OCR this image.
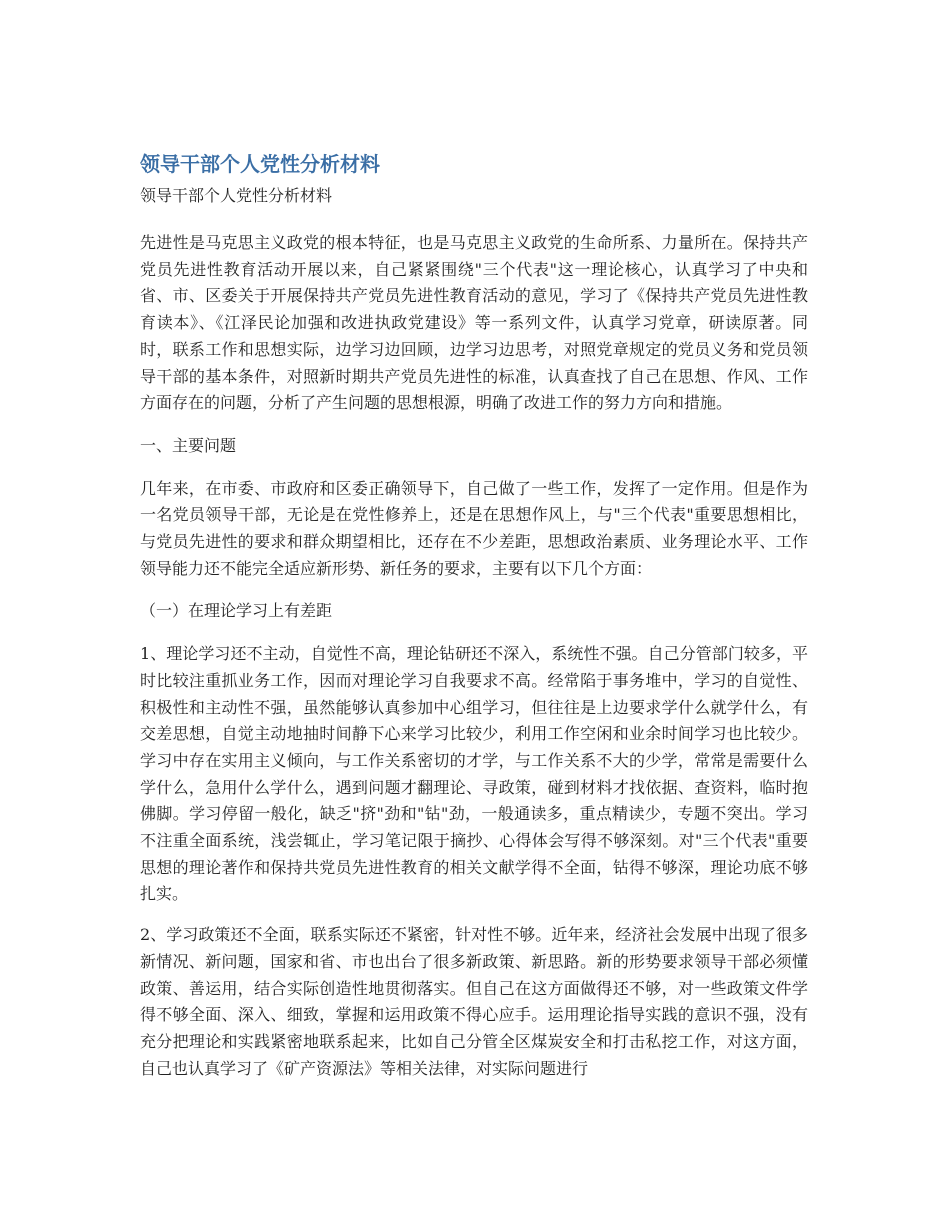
领导干部个人党性分析材料
领导干部个人党性分析材料

先进性是马克思主义政党的根本特征，也是马克思主义政党的生命所系、力量所在。保持共产党员先进性教育活动开展以来，自己紧紧围绕"三个代表"这一理论核心，认真学习了中央和省、市、区委关于开展保持共产党员先进性教育活动的意见，学习了《保持共产党员先进性教育读本》、《江泽民论加强和改进执政党建设》等一系列文件，认真学习党章，研读原著。同时，联系工作和思想实际，边学习边回顾，边学习边思考，对照党章规定的党员义务和党员领导干部的基本条件，对照新时期共产党员先进性的标准，认真查找了自己在思想、作风、工作方面存在的问题，分析了产生问题的思想根源，明确了改进工作的努力方向和措施。

一、主要问题

几年来，在市委、市政府和区委正确领导下，自己做了一些工作，发挥了一定作用。但是作为一名党员领导干部，无论是在党性修养上，还是在思想作风上，与"三个代表"重要思想相比，与党员先进性的要求和群众期望相比，还存在不少差距，思想政治素质、业务理论水平、工作领导能力还不能完全适应新形势、新任务的要求，主要有以下几个方面：

（一）在理论学习上有差距

1、理论学习还不主动，自觉性不高，理论钻研还不深入，系统性不强。自己分管部门较多，平时比较注重抓业务工作，因而对理论学习自我要求不高。经常陷于事务堆中，学习的自觉性、积极性和主动性不强，虽然能够认真参加中心组学习，但往往是上边要求学什么就学什么，有交差思想，自觉主动地抽时间静下心来学习比较少，利用工作空闲和业余时间学习也比较少。学习中存在实用主义倾向，与工作关系密切的才学，与工作关系不大的少学，常常是需要什么学什么，急用什么学什么，遇到问题才翻理论、寻政策，碰到材料才找依据、查资料，临时抱佛脚。学习停留一般化，缺乏"挤"劲和"钻"劲，一般通读多，重点精读少，专题不突出。学习不注重全面系统，浅尝辄止，学习笔记限于摘抄、心得体会写得不够深刻。对"三个代表"重要思想的理论著作和保持共党员先进性教育的相关文献学得不全面，钻得不够深，理论功底不够扎实。

2、学习政策还不全面，联系实际还不紧密，针对性不够。近年来，经济社会发展中出现了很多新情况、新问题，国家和省、市也出台了很多新政策、新思路。新的形势要求领导干部必须懂政策、善运用，结合实际创造性地贯彻落实。但自己在这方面做得还不够，对一些政策文件学得不够全面、深入、细致，掌握和运用政策不得心应手。运用理论指导实践的意识不强，没有充分把理论和实践紧密地联系起来，比如自己分管全区煤炭安全和打击私挖工作，对这方面，自己也认真学习了《矿产资源法》等相关法律，对实际问题进行
